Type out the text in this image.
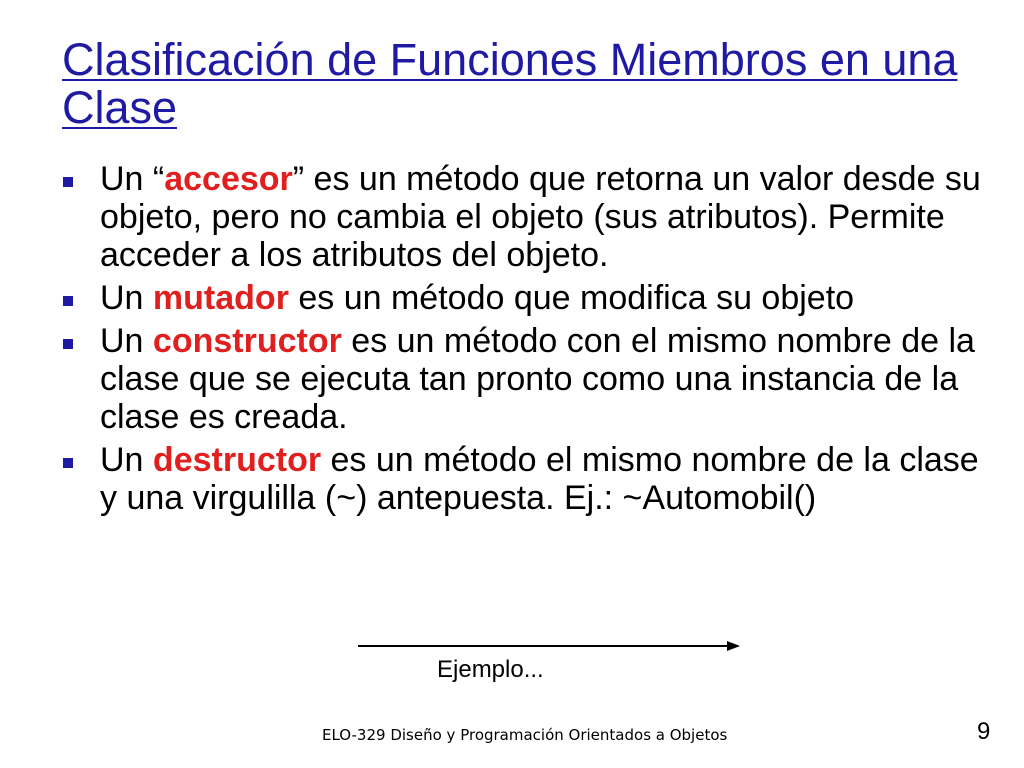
Clasificación de Funciones Miembros en una Clase
Un “accesor” es un método que retorna un valor desde su objeto, pero no cambia el objeto (sus atributos). Permite acceder a los atributos del objeto.
Un mutador es un método que modifica su objeto
Un constructor es un método con el mismo nombre de la clase que se ejecuta tan pronto como una instancia de la clase es creada.
Un destructor es un método el mismo nombre de la clase y una virgulilla (~) antepuesta. Ej.: ~Automobil()
Ejemplo...
ELO-329 Diseño y Programación Orientados a Objetos	9
